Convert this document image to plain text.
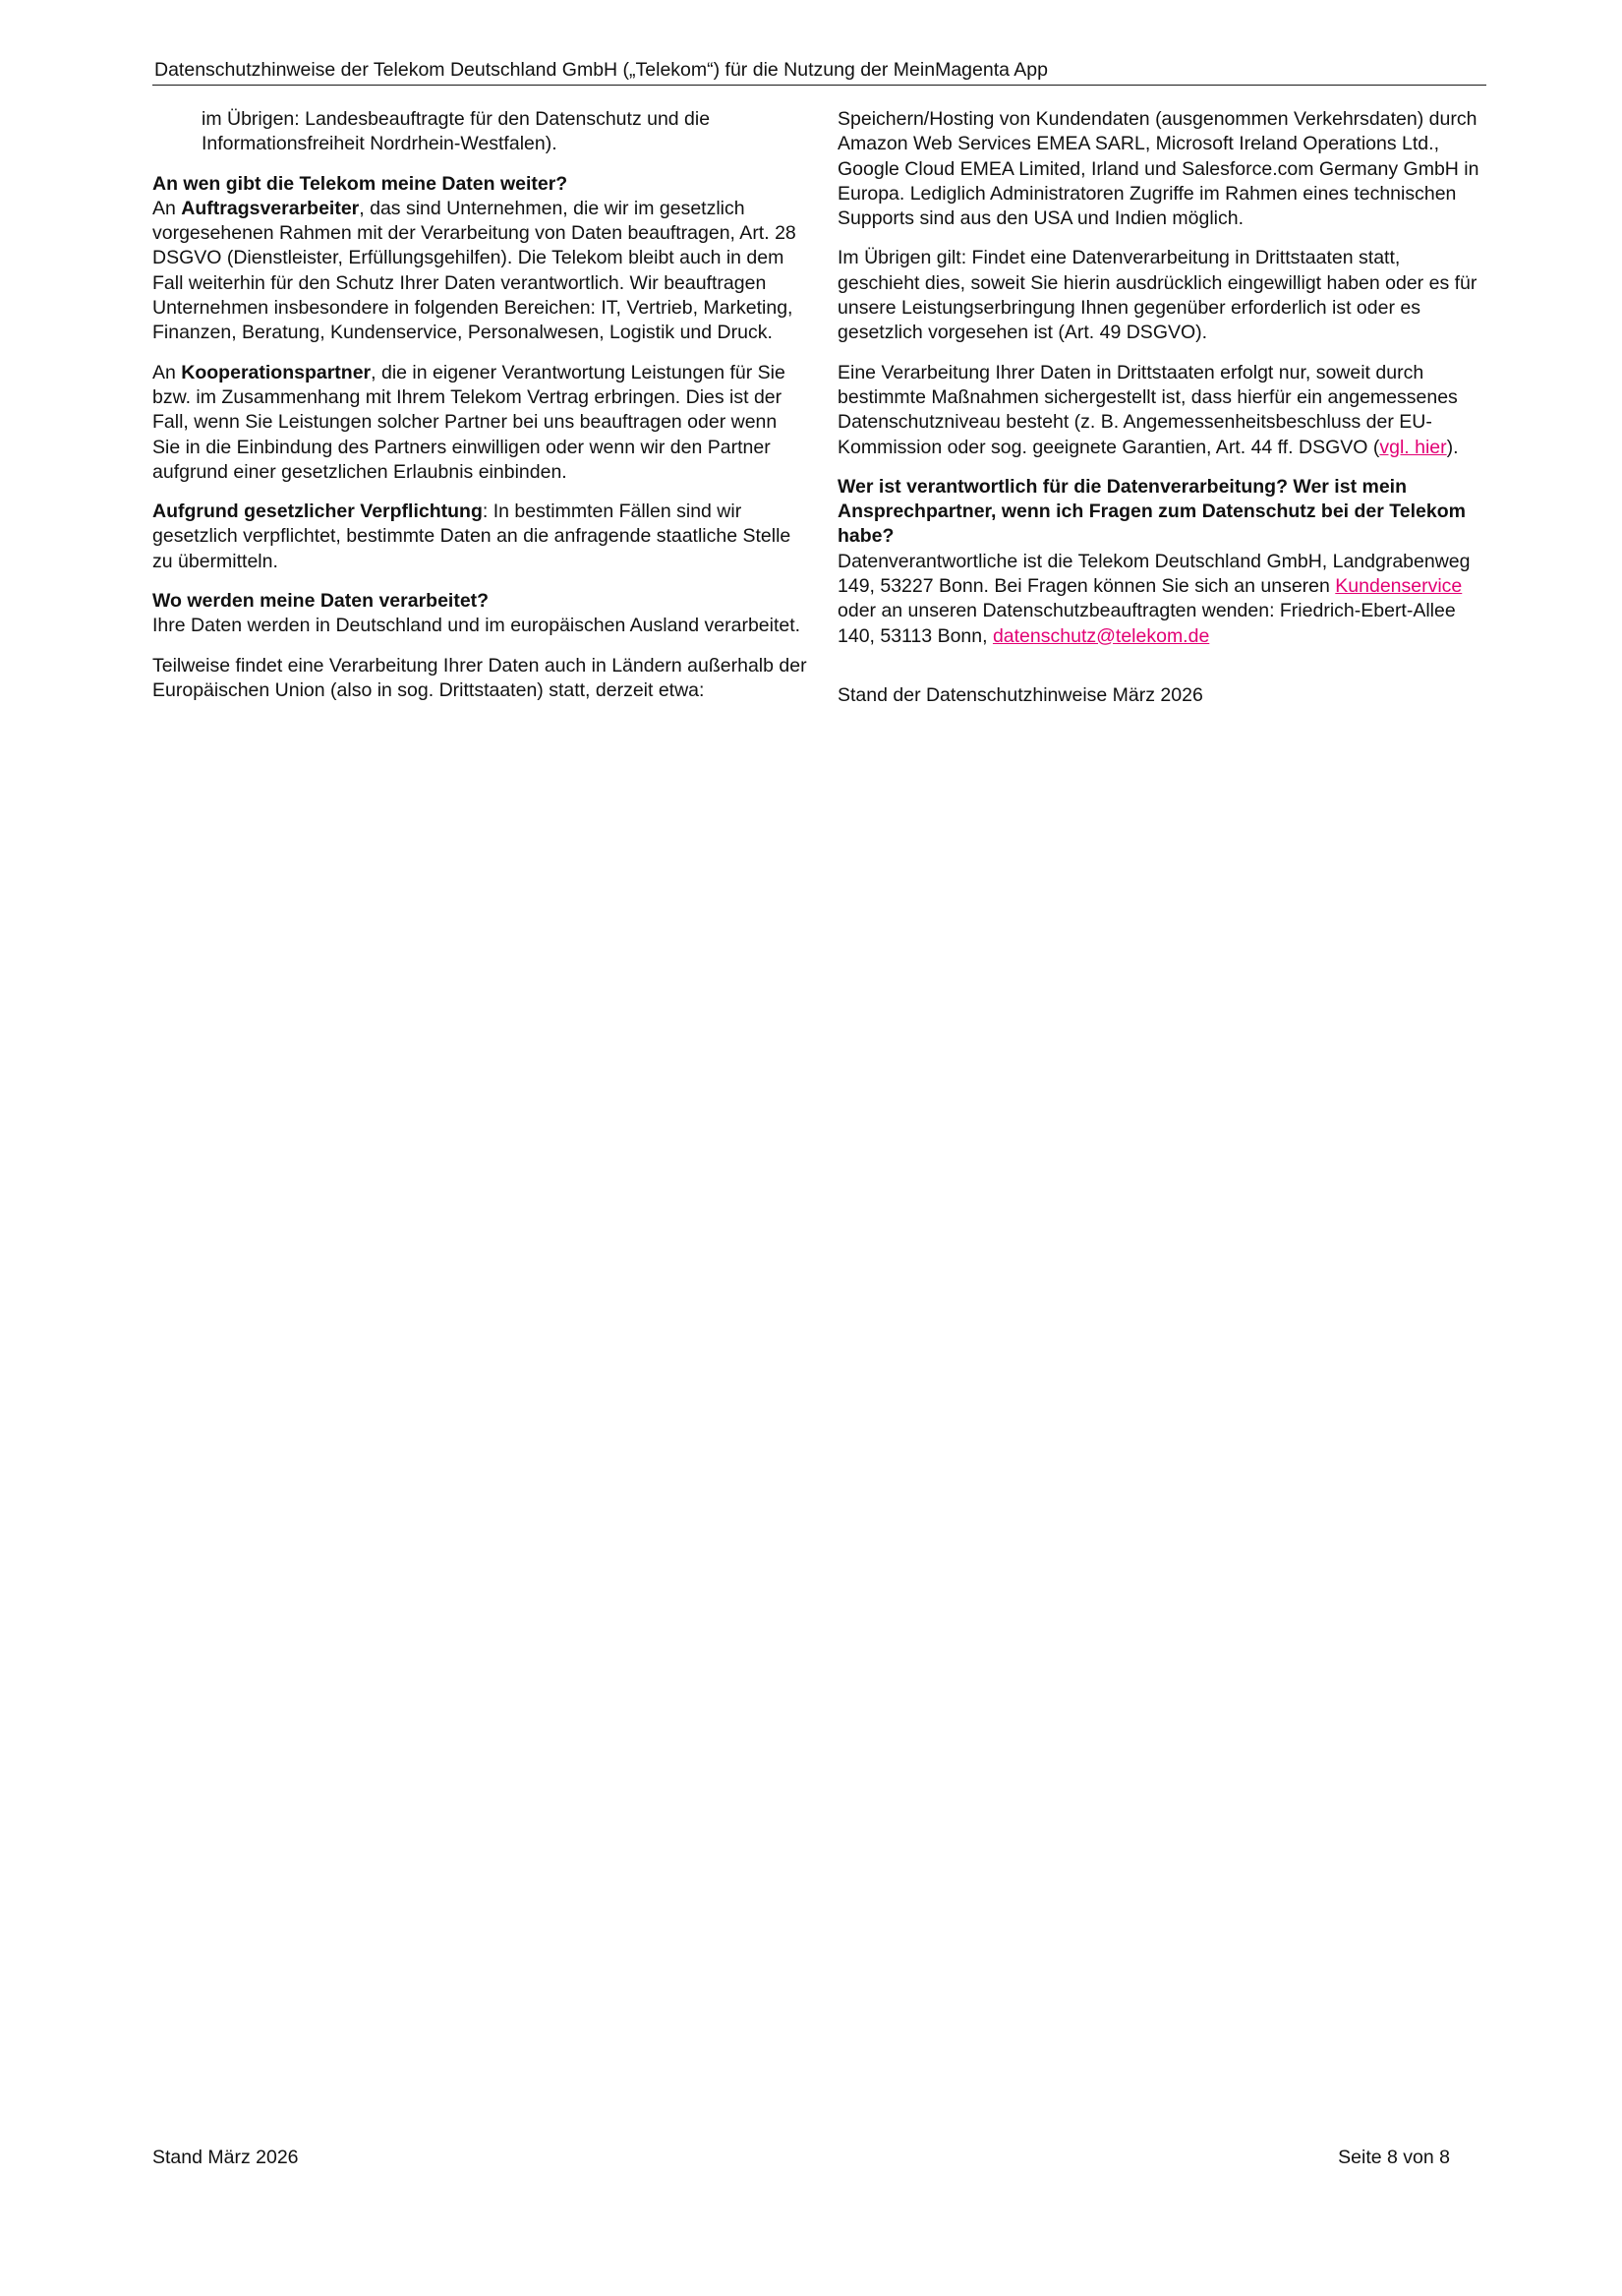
Datenschutzhinweise der Telekom Deutschland GmbH („Telekom“) für die Nutzung der MeinMagenta App

im Übrigen: Landesbeauftragte für den Datenschutz und die Informationsfreiheit Nordrhein-Westfalen).

An wen gibt die Telekom meine Daten weiter?
An Auftragsverarbeiter, das sind Unternehmen, die wir im gesetzlich vorgesehenen Rahmen mit der Verarbeitung von Daten beauftragen, Art. 28 DSGVO (Dienstleister, Erfüllungsgehilfen). Die Telekom bleibt auch in dem Fall weiterhin für den Schutz Ihrer Daten verantwortlich. Wir beauftragen Unternehmen insbesondere in folgenden Bereichen: IT, Vertrieb, Marketing, Finanzen, Beratung, Kundenservice, Personalwesen, Logistik und Druck.

An Kooperationspartner, die in eigener Verantwortung Leistungen für Sie bzw. im Zusammenhang mit Ihrem Telekom Vertrag erbringen. Dies ist der Fall, wenn Sie Leistungen solcher Partner bei uns beauftragen oder wenn Sie in die Einbindung des Partners einwilligen oder wenn wir den Partner aufgrund einer gesetzlichen Erlaubnis einbinden.

Aufgrund gesetzlicher Verpflichtung: In bestimmten Fällen sind wir gesetzlich verpflichtet, bestimmte Daten an die anfragende staatliche Stelle zu übermitteln.

Wo werden meine Daten verarbeitet?
Ihre Daten werden in Deutschland und im europäischen Ausland verarbeitet.

Teilweise findet eine Verarbeitung Ihrer Daten auch in Ländern außerhalb der Europäischen Union (also in sog. Drittstaaten) statt, derzeit etwa:

Speichern/Hosting von Kundendaten (ausgenommen Verkehrsdaten) durch Amazon Web Services EMEA SARL, Microsoft Ireland Operations Ltd., Google Cloud EMEA Limited, Irland und Salesforce.com Germany GmbH in Europa. Lediglich Administratoren Zugriffe im Rahmen eines technischen Supports sind aus den USA und Indien möglich.

Im Übrigen gilt: Findet eine Datenverarbeitung in Drittstaaten statt, geschieht dies, soweit Sie hierin ausdrücklich eingewilligt haben oder es für unsere Leistungserbringung Ihnen gegenüber erforderlich ist oder es gesetzlich vorgesehen ist (Art. 49 DSGVO).

Eine Verarbeitung Ihrer Daten in Drittstaaten erfolgt nur, soweit durch bestimmte Maßnahmen sichergestellt ist, dass hierfür ein angemessenes Datenschutzniveau besteht (z. B. Angemessenheitsbeschluss der EU-Kommission oder sog. geeignete Garantien, Art. 44 ff. DSGVO (vgl. hier).

Wer ist verantwortlich für die Datenverarbeitung? Wer ist mein Ansprechpartner, wenn ich Fragen zum Datenschutz bei der Telekom habe?
Datenverantwortliche ist die Telekom Deutschland GmbH, Landgrabenweg 149, 53227 Bonn. Bei Fragen können Sie sich an unseren Kundenservice oder an unseren Datenschutzbeauftragten wenden: Friedrich-Ebert-Allee 140, 53113 Bonn, datenschutz@telekom.de

Stand der Datenschutzhinweise März 2026

Stand März 2026	Seite 8 von 8
